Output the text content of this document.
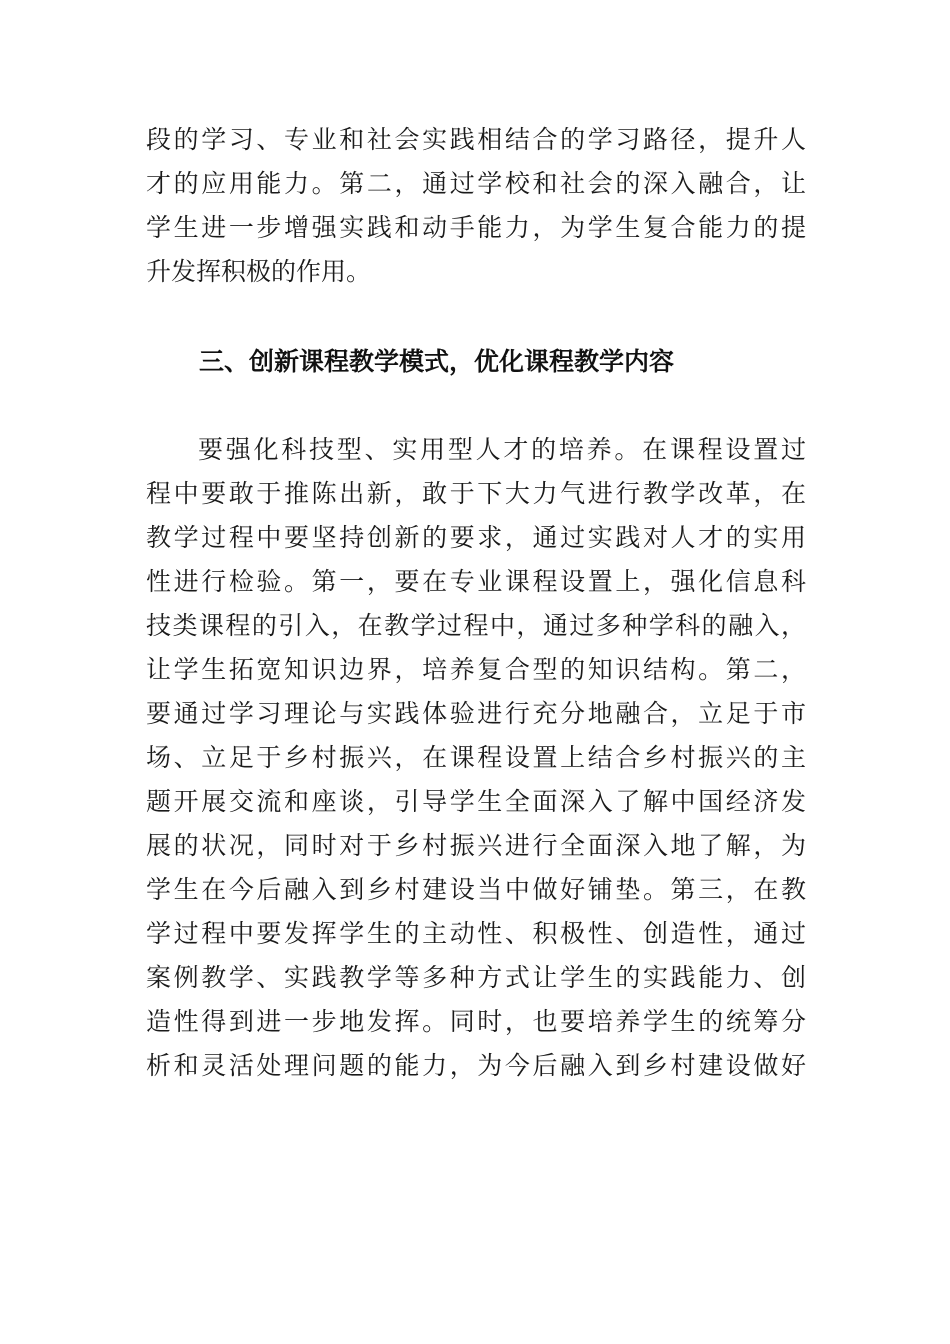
段的学习、专业和社会实践相结合的学习路径，提升人
才的应用能力。第二，通过学校和社会的深入融合，让
学生进一步增强实践和动手能力，为学生复合能力的提
升发挥积极的作用。
三、创新课程教学模式，优化课程教学内容
要强化科技型、实用型人才的培养。在课程设置过
程中要敢于推陈出新，敢于下大力气进行教学改革，在
教学过程中要坚持创新的要求，通过实践对人才的实用
性进行检验。第一，要在专业课程设置上，强化信息科
技类课程的引入，在教学过程中，通过多种学科的融入，
让学生拓宽知识边界，培养复合型的知识结构。第二，
要通过学习理论与实践体验进行充分地融合，立足于市
场、立足于乡村振兴，在课程设置上结合乡村振兴的主
题开展交流和座谈，引导学生全面深入了解中国经济发
展的状况，同时对于乡村振兴进行全面深入地了解，为
学生在今后融入到乡村建设当中做好铺垫。第三，在教
学过程中要发挥学生的主动性、积极性、创造性，通过
案例教学、实践教学等多种方式让学生的实践能力、创
造性得到进一步地发挥。同时，也要培养学生的统筹分
析和灵活处理问题的能力，为今后融入到乡村建设做好
